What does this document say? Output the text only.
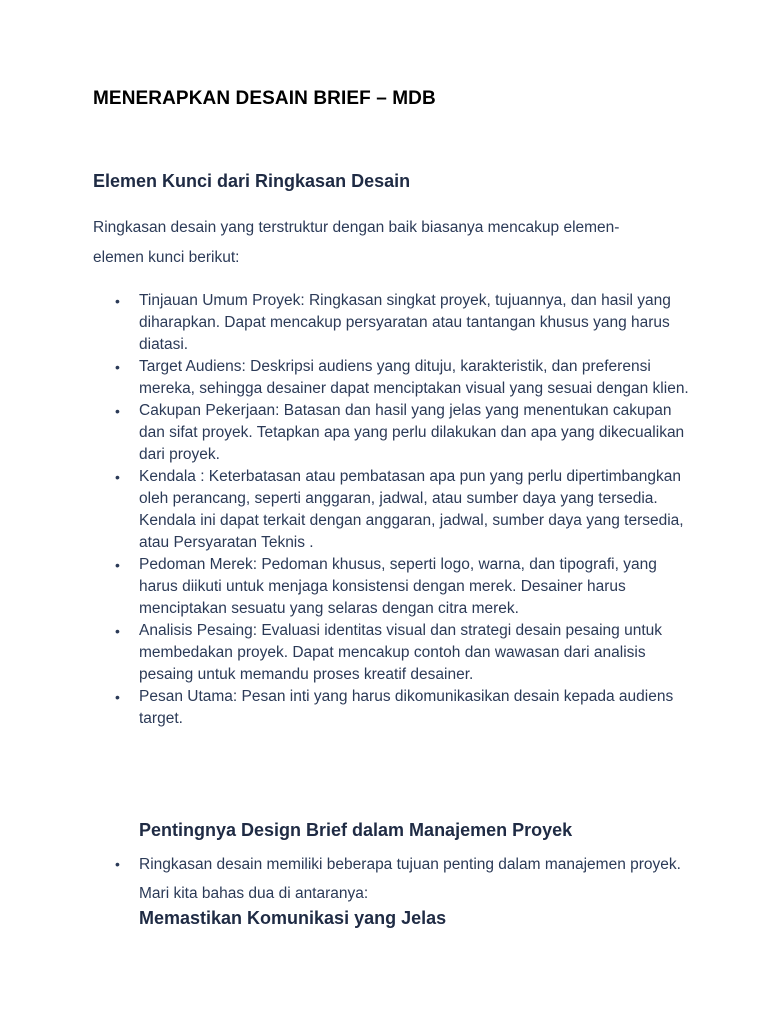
MENERAPKAN DESAIN BRIEF – MDB
Elemen Kunci dari Ringkasan Desain

Ringkasan desain yang terstruktur dengan baik biasanya mencakup elemen-elemen kunci berikut:

• Tinjauan Umum Proyek: Ringkasan singkat proyek, tujuannya, dan hasil yang diharapkan. Dapat mencakup persyaratan atau tantangan khusus yang harus diatasi.
• Target Audiens: Deskripsi audiens yang dituju, karakteristik, dan preferensi mereka, sehingga desainer dapat menciptakan visual yang sesuai dengan klien.
• Cakupan Pekerjaan: Batasan dan hasil yang jelas yang menentukan cakupan dan sifat proyek. Tetapkan apa yang perlu dilakukan dan apa yang dikecualikan dari proyek.
• Kendala : Keterbatasan atau pembatasan apa pun yang perlu dipertimbangkan oleh perancang, seperti anggaran, jadwal, atau sumber daya yang tersedia. Kendala ini dapat terkait dengan anggaran, jadwal, sumber daya yang tersedia, atau Persyaratan Teknis .
• Pedoman Merek: Pedoman khusus, seperti logo, warna, dan tipografi, yang harus diikuti untuk menjaga konsistensi dengan merek. Desainer harus menciptakan sesuatu yang selaras dengan citra merek.
• Analisis Pesaing: Evaluasi identitas visual dan strategi desain pesaing untuk membedakan proyek. Dapat mencakup contoh dan wawasan dari analisis pesaing untuk memandu proses kreatif desainer.
• Pesan Utama: Pesan inti yang harus dikomunikasikan desain kepada audiens target.
Pentingnya Design Brief dalam Manajemen Proyek
• Ringkasan desain memiliki beberapa tujuan penting dalam manajemen proyek. Mari kita bahas dua di antaranya:
Memastikan Komunikasi yang Jelas
